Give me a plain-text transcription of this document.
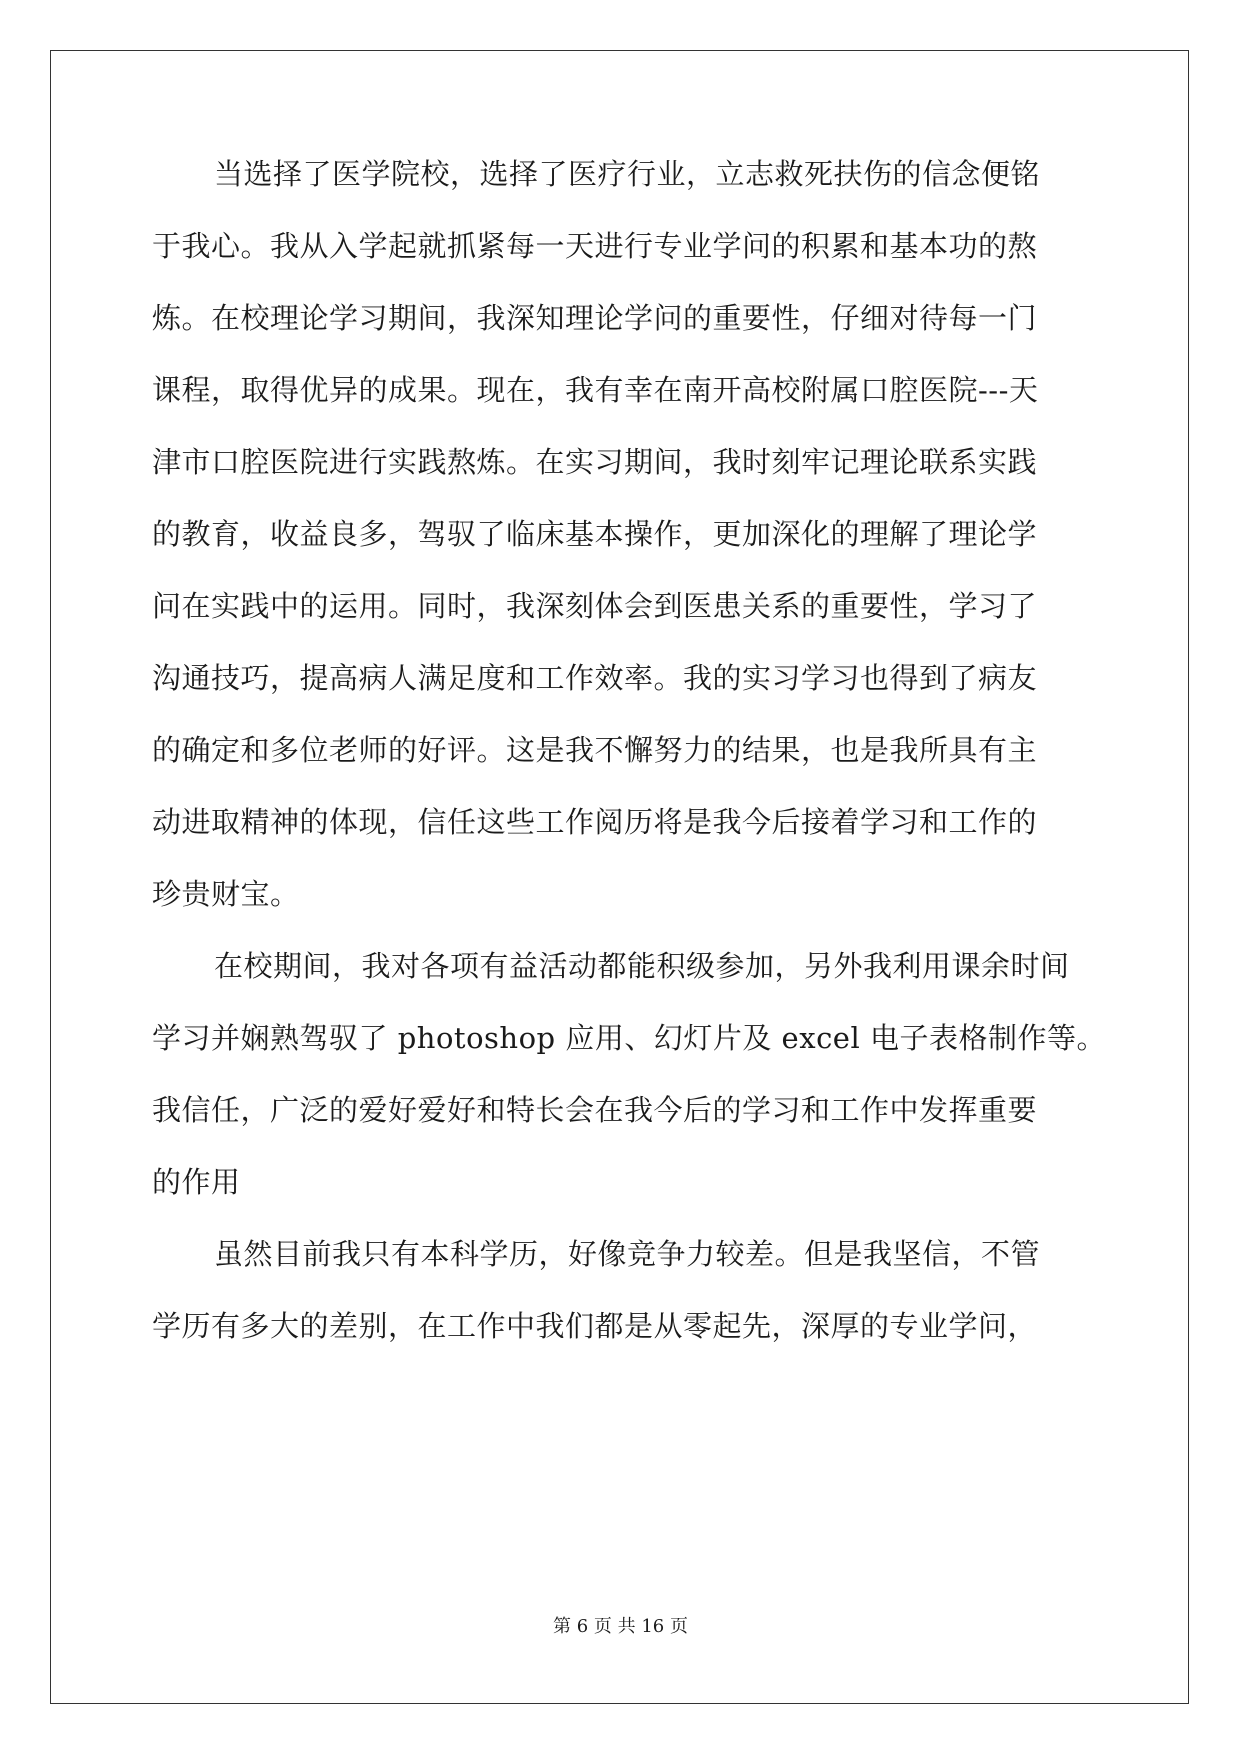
当选择了医学院校，选择了医疗行业，立志救死扶伤的信念便铭
于我心。我从入学起就抓紧每一天进行专业学问的积累和基本功的熬
炼。在校理论学习期间，我深知理论学问的重要性，仔细对待每一门
课程，取得优异的成果。现在，我有幸在南开高校附属口腔医院---天
津市口腔医院进行实践熬炼。在实习期间，我时刻牢记理论联系实践
的教育，收益良多，驾驭了临床基本操作，更加深化的理解了理论学
问在实践中的运用。同时，我深刻体会到医患关系的重要性，学习了
沟通技巧，提高病人满足度和工作效率。我的实习学习也得到了病友
的确定和多位老师的好评。这是我不懈努力的结果，也是我所具有主
动进取精神的体现，信任这些工作阅历将是我今后接着学习和工作的
珍贵财宝。
在校期间，我对各项有益活动都能积级参加，另外我利用课余时间
学习并娴熟驾驭了 photoshop 应用、幻灯片及 excel 电子表格制作等。
我信任，广泛的爱好爱好和特长会在我今后的学习和工作中发挥重要
的作用
虽然目前我只有本科学历，好像竞争力较差。但是我坚信，不管
学历有多大的差别，在工作中我们都是从零起先，深厚的专业学问，
第 6 页 共 16 页
